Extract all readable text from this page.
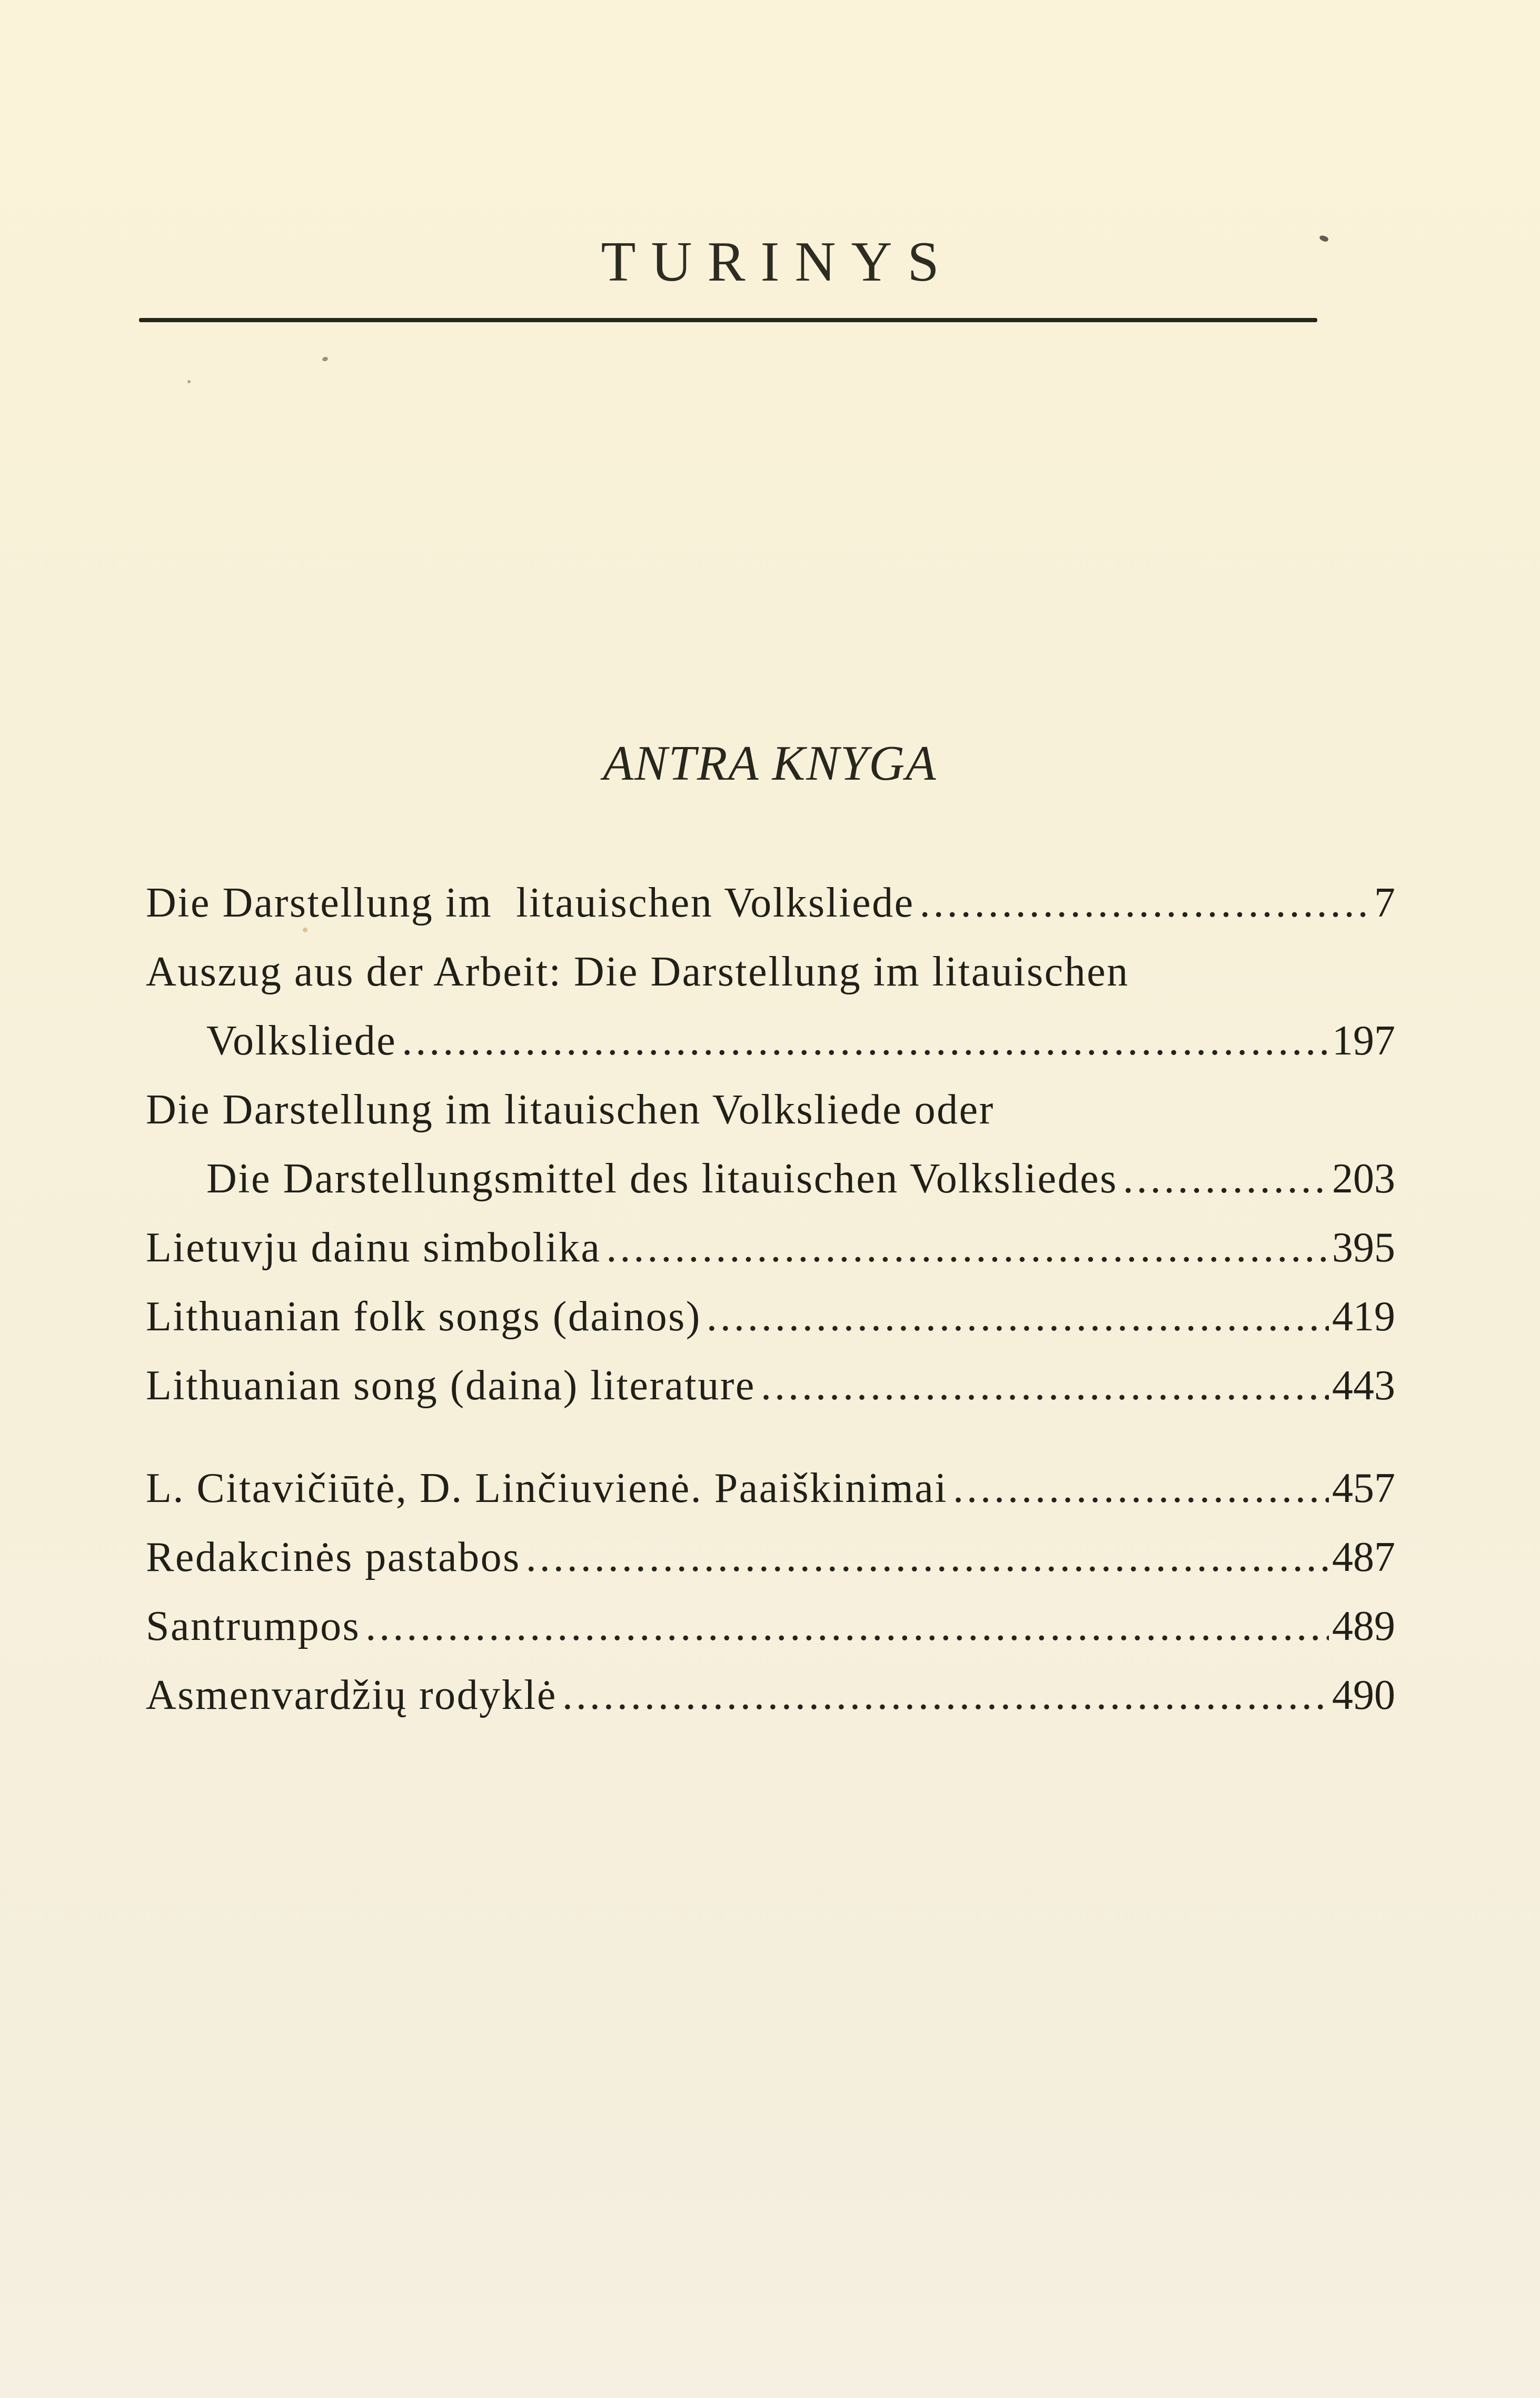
TURINYS
ANTRA KNYGA
Die Darstellung im  litauischen Volksliede .....	7
Auszug aus der Arbeit: Die Darstellung im litauischen
Volksliede .....	197
Die Darstellung im litauischen Volksliede oder
Die Darstellungsmittel des litauischen Volksliedes .....	203
Lietuvju dainu simbolika .....	395
Lithuanian folk songs (dainos) .....	419
Lithuanian song (daina) literature .....	443
L. Citavičiūtė, D. Linčiuvienė. Paaiškinimai .....	457
Redakcinės pastabos .....	487
Santrumpos .....	489
Asmenvardžių rodyklė .....	490
